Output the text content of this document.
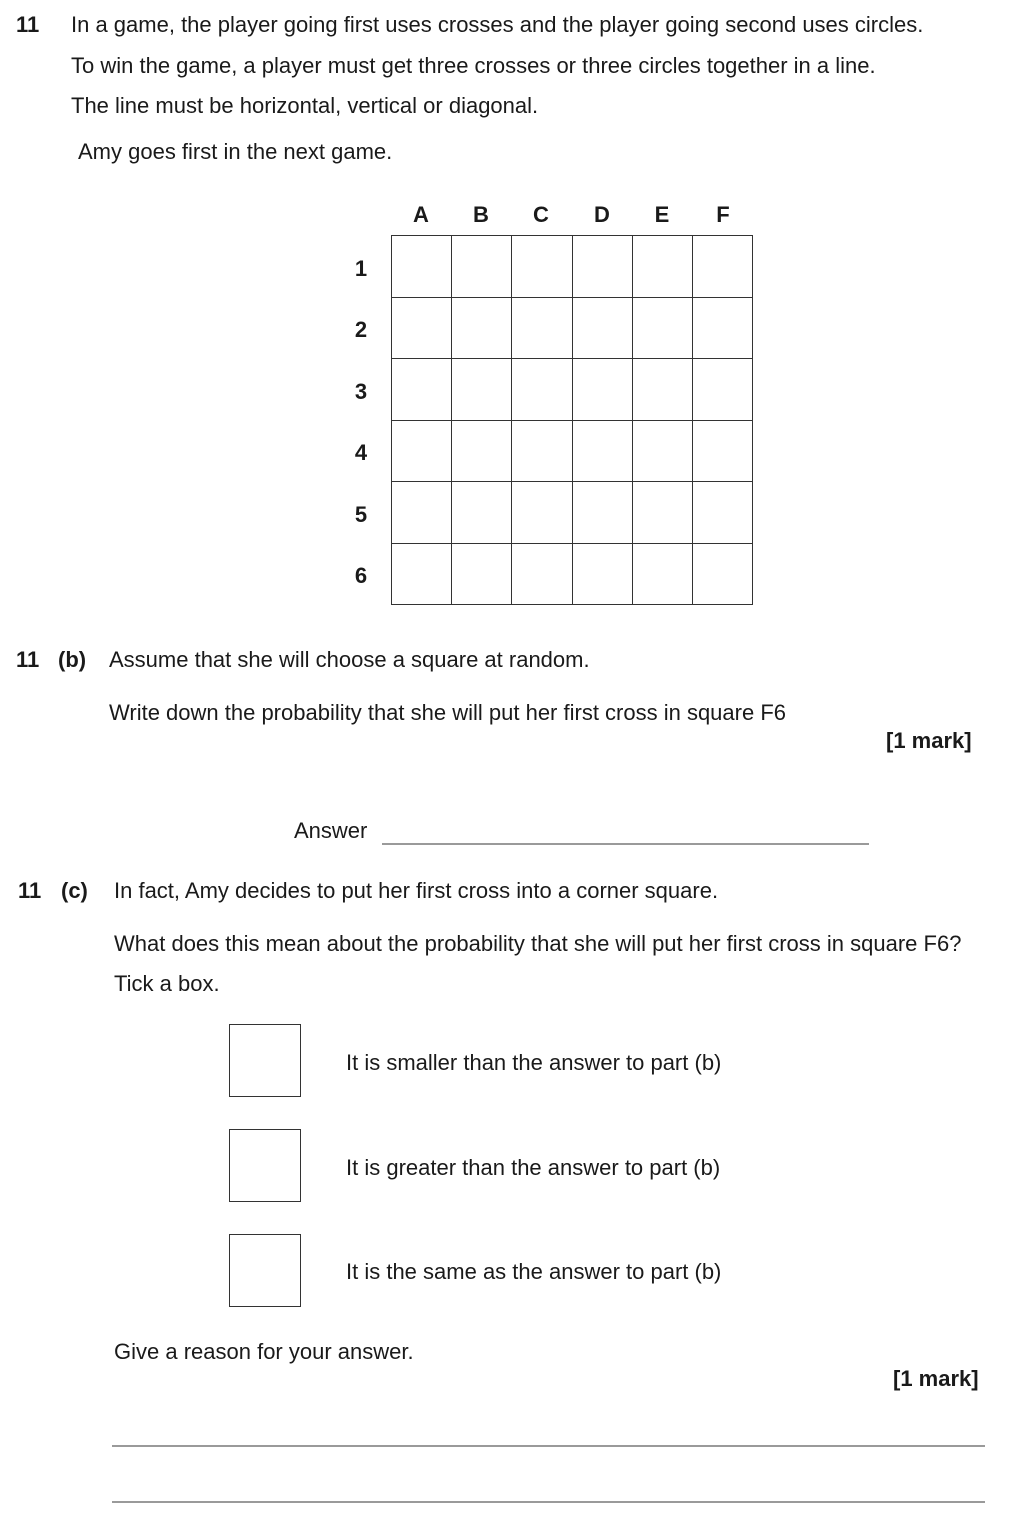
11 In a game, the player going first uses crosses and the player going second uses circles.
To win the game, a player must get three crosses or three circles together in a line.
The line must be horizontal, vertical or diagonal.
Amy goes first in the next game.
A	B	C	D	E	F
1
2
3
4
5
6
11 (b) Assume that she will choose a square at random.
Write down the probability that she will put her first cross in square F6
[1 mark]
Answer
11 (c) In fact, Amy decides to put her first cross into a corner square.
What does this mean about the probability that she will put her first cross in square F6?
Tick a box.
It is smaller than the answer to part (b)
It is greater than the answer to part (b)
It is the same as the answer to part (b)
Give a reason for your answer.
[1 mark]
